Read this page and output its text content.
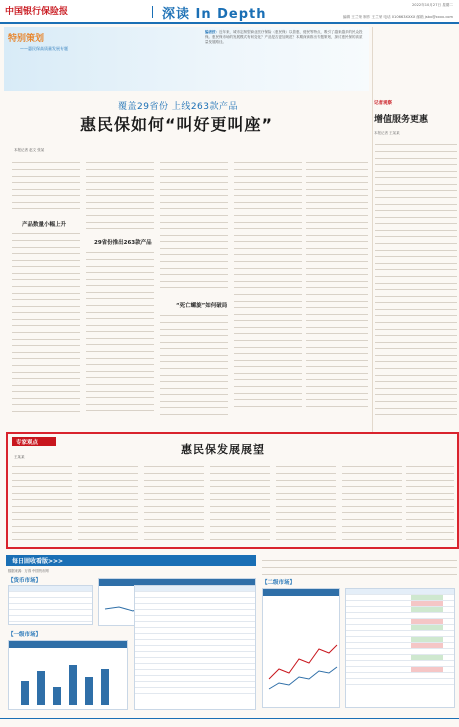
中国银行保险报	深读 In Depth
2022年10月27日 星期二
编辑 王兰荣 制作 王兰荣 电话 010663XXXX 邮箱 jsbx@xxxx.com
特别策划
——惠民保高质量发展专题
编者按：近年来，城市定制型商业医疗保险（惠民保）以普惠、便民等特点，吸引了越来越多的民众投保。惠民保市场的发展模式有何变化？产品是否更加规范？本期深读推出专题策划，探讨惠民保的高质量发展路径。
覆盖29省份 上线263款产品
惠民保如何“叫好更叫座”
本报记者 赵文 张某
产品数量小幅上升
29省份推出263款产品
“死亡螺旋”如何破局
记者观察
增值服务更惠
本报记者 王某某
专家观点	惠民保发展展望
王某某
每日固收看版>>>
数据来源：万得 中国货币网
【货币市场】
【一级市场】
【二级市场】
